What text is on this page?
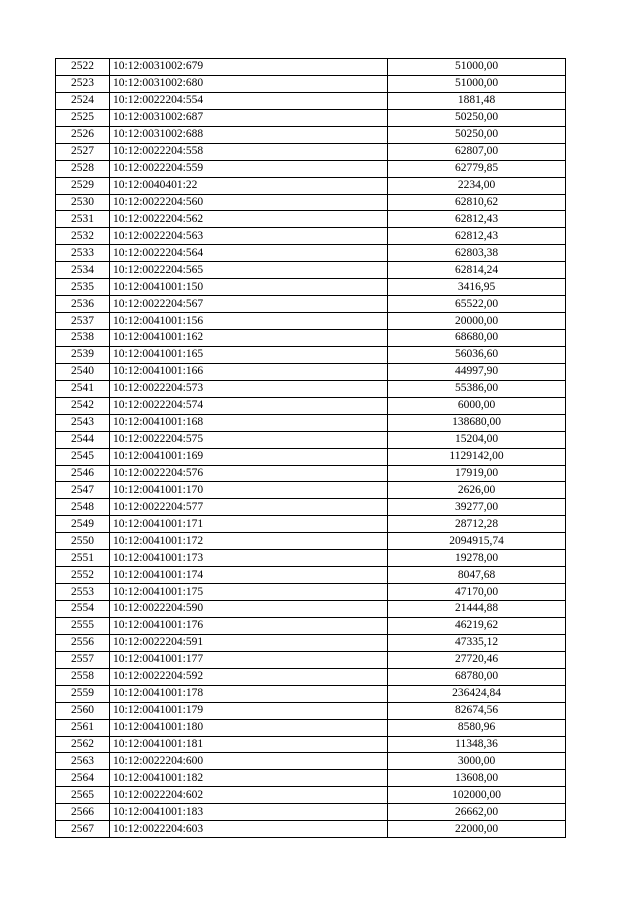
2522	10:12:0031002:679	51000,00
2523	10:12:0031002:680	51000,00
2524	10:12:0022204:554	1881,48
2525	10:12:0031002:687	50250,00
2526	10:12:0031002:688	50250,00
2527	10:12:0022204:558	62807,00
2528	10:12:0022204:559	62779,85
2529	10:12:0040401:22	2234,00
2530	10:12:0022204:560	62810,62
2531	10:12:0022204:562	62812,43
2532	10:12:0022204:563	62812,43
2533	10:12:0022204:564	62803,38
2534	10:12:0022204:565	62814,24
2535	10:12:0041001:150	3416,95
2536	10:12:0022204:567	65522,00
2537	10:12:0041001:156	20000,00
2538	10:12:0041001:162	68680,00
2539	10:12:0041001:165	56036,60
2540	10:12:0041001:166	44997,90
2541	10:12:0022204:573	55386,00
2542	10:12:0022204:574	6000,00
2543	10:12:0041001:168	138680,00
2544	10:12:0022204:575	15204,00
2545	10:12:0041001:169	1129142,00
2546	10:12:0022204:576	17919,00
2547	10:12:0041001:170	2626,00
2548	10:12:0022204:577	39277,00
2549	10:12:0041001:171	28712,28
2550	10:12:0041001:172	2094915,74
2551	10:12:0041001:173	19278,00
2552	10:12:0041001:174	8047,68
2553	10:12:0041001:175	47170,00
2554	10:12:0022204:590	21444,88
2555	10:12:0041001:176	46219,62
2556	10:12:0022204:591	47335,12
2557	10:12:0041001:177	27720,46
2558	10:12:0022204:592	68780,00
2559	10:12:0041001:178	236424,84
2560	10:12:0041001:179	82674,56
2561	10:12:0041001:180	8580,96
2562	10:12:0041001:181	11348,36
2563	10:12:0022204:600	3000,00
2564	10:12:0041001:182	13608,00
2565	10:12:0022204:602	102000,00
2566	10:12:0041001:183	26662,00
2567	10:12:0022204:603	22000,00
